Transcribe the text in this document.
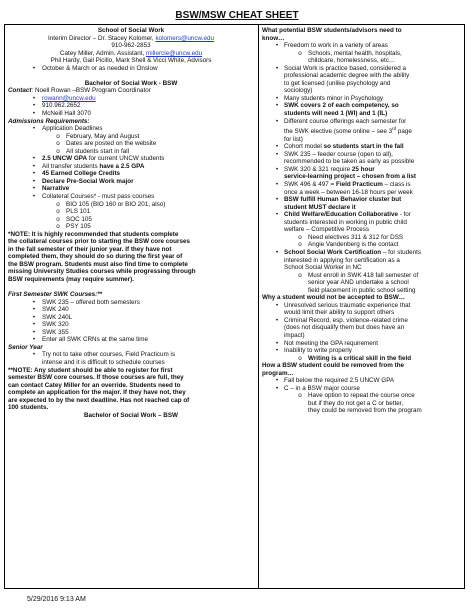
BSW/MSW CHEAT SHEET
School of Social Work
Interim Director – Dr. Stacey Kolomer, kolomers@uncw.edu
910-962-2853
Catey Miller, Admin. Assistant, millercle@uncw.edu
Phil Hardy, Gail Picillo, Mark Shell & Vicci White, Advisors
•	October & March or as needed in Onslow
Bachelor of Social Work - BSW
Contact: Noell Rowan –BSW Program Coordinator
•	rowann@uncw.edu
•	910.962.2652
•	McNeill Hall 3070
Admissions Requirements:
•	Application Deadlines
o February, May and August
o Dates are posted on the website
o All students start in fall
•	2.5 UNCW GPA for current UNCW students
•	All transfer students have a 2.5 GPA
•	45 Earned College Credits
•	Declare Pre-Social Work major
•	Narrative
•	Collateral Courses* - must pass courses
o BIO 105 (BIO 160 or BIO 201, also)
o PLS 101
o SOC 105
o PSY 105
*NOTE: It is highly recommended that students complete
the collateral courses prior to starting the BSW core courses
in the fall semester of their junior year. If they have not
completed them, they should do so during the first year of
the BSW program. Students must also find time to complete
missing University Studies courses while progressing through
BSW requirements (may require summer).
First Semester SWK Courses:**
•	SWK 235 – offered both semesters
•	SWK 240
•	SWK 240L
•	SWK 320
•	SWK 355
•	Enter all SWK CRNs at the same time
Senior Year
•	Try not to take other courses, Field Practicum is
intense and it is difficult to schedule courses
**NOTE: Any student should be able to register for first
semester BSW core courses. If those courses are full, they
can contact Catey Miller for an override. Students need to
complete an application for the major. If they have not, they
are expected to by the next deadline. Has not reached cap of
100 students.
Bachelor of Social Work – BSW
What potential BSW students/advisors need to
know…
• Freedom to work in a variety of areas
o Schools, mental health, hospitals,
childcare, homelessness, etc…
• Social Work is practice based, considered a
professional academic degree with the ability
to get licensed (unlike psychology and
sociology)
• Many students minor in Psychology
• SWK covers 2 of each competency, so
students will need 1 (WI) and 1 (IL)
• Different course offerings each semester for
the SWK elective (some online – see 3rd page
for list)
• Cohort model so students start in the fall
• SWK 235 – feeder course (open to all),
recommended to be taken as early as possible
• SWK 320 & 321 require 25 hour
service-learning project – chosen from a list
• SWK 496 & 497 = Field Practicum – class is
once a week – between 16-18 hours per week
• BSW fulfill Human Behavior cluster but
student MUST declare it
• Child Welfare/Education Collaborative - for
students interested in working in public child
welfare – Competitive Process
o Need electives 311 & 312 for DSS
o Angie Vandenberg is the contact
• School Social Work Certification – for students
interested in applying for certification as a
School Social Worker in NC
o Must enroll in SWK 418 fall semester of
senior year AND undertake a school
field placement in public school setting
Why a student would not be accepted to BSW…
• Unresolved serious traumatic experience that
would limit their ability to support others
• Criminal Record, esp. violence-related crime
(does not disqualify them but does have an
impact)
• Not meeting the GPA requirement
• Inability to write properly
o Writing is a critical skill in the field
How a BSW student could be removed from the
program…
• Fall below the required 2.5 UNCW GPA
• C – in a BSW major course
o Have option to repeat the course once
but if they do not get a C or better,
they could be removed from the program
5/29/2016 9:13 AM
